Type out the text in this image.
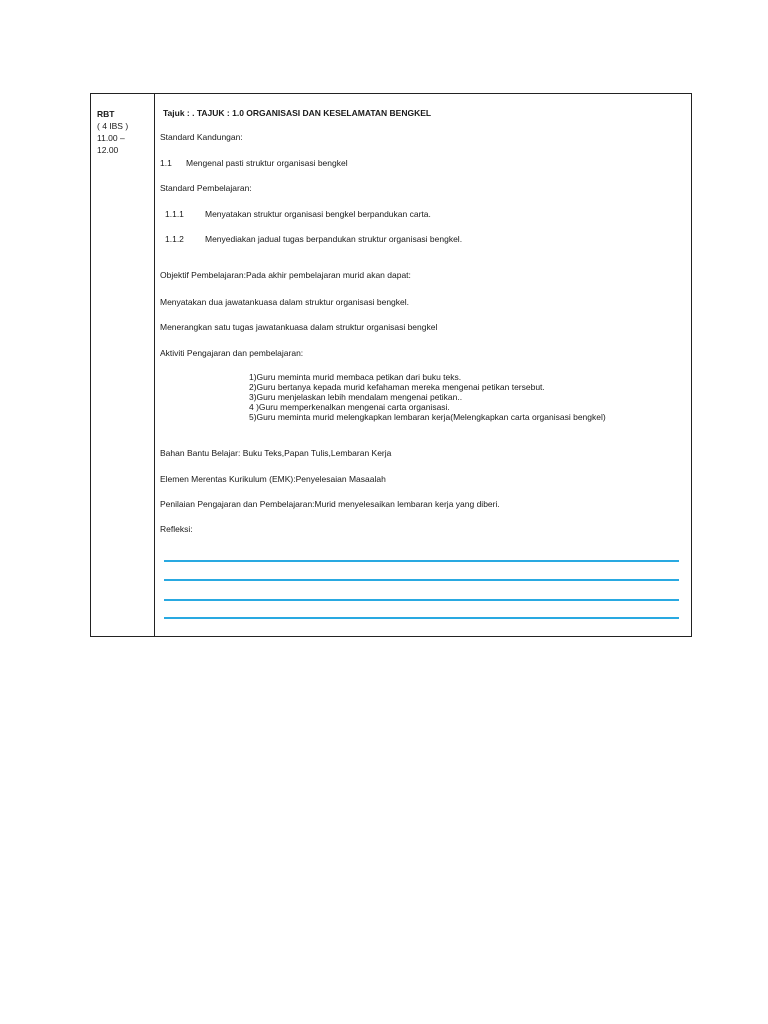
RBT
( 4 IBS )
11.00 –
12.00
Tajuk : . TAJUK : 1.0 ORGANISASI DAN KESELAMATAN BENGKEL
Standard Kandungan:
1.1 Mengenal pasti struktur organisasi bengkel
Standard Pembelajaran:
1.1.1 Menyatakan struktur organisasi bengkel berpandukan carta.
1.1.2 Menyediakan jadual tugas berpandukan struktur organisasi bengkel.
Objektif Pembelajaran:Pada akhir pembelajaran murid akan dapat:
Menyatakan dua jawatankuasa dalam struktur organisasi bengkel.
Menerangkan satu tugas jawatankuasa dalam struktur organisasi bengkel
Aktiviti Pengajaran dan pembelajaran:
1)Guru meminta murid membaca petikan dari buku teks.
2)Guru bertanya kepada murid kefahaman mereka mengenai petikan tersebut.
3)Guru menjelaskan lebih mendalam mengenai petikan..
4 )Guru memperkenalkan mengenai carta organisasi.
5)Guru meminta murid melengkapkan lembaran kerja(Melengkapkan carta organisasi bengkel)
Bahan Bantu Belajar: Buku Teks,Papan Tulis,Lembaran Kerja
Elemen Merentas Kurikulum (EMK):Penyelesaian Masaalah
Penilaian Pengajaran dan Pembelajaran:Murid menyelesaikan lembaran kerja yang diberi.
Refleksi:
